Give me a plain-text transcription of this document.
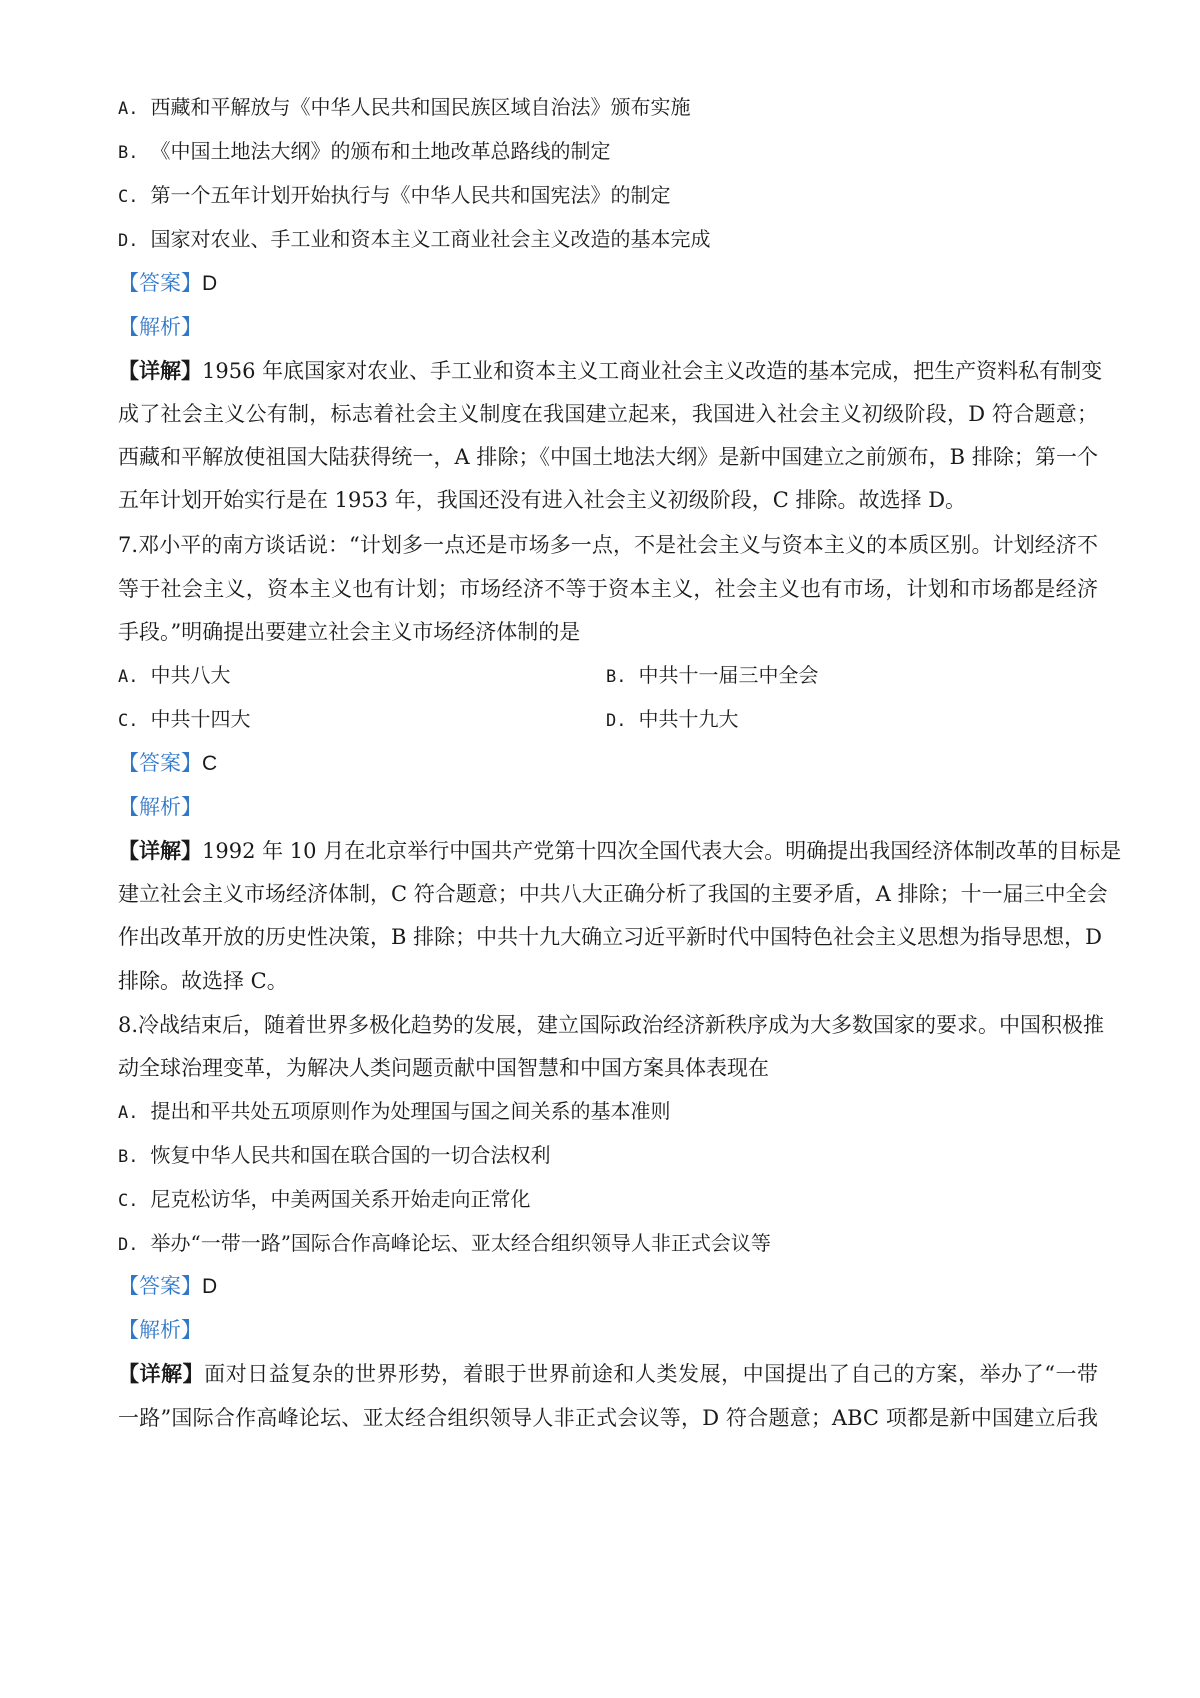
A. 西藏和平解放与《中华人民共和国民族区域自治法》颁布实施
B. 《中国土地法大纲》的颁布和土地改革总路线的制定
C. 第一个五年计划开始执行与《中华人民共和国宪法》的制定
D. 国家对农业、手工业和资本主义工商业社会主义改造的基本完成
【答案】D
【解析】
【详解】1956 年底国家对农业、手工业和资本主义工商业社会主义改造的基本完成，把生产资料私有制变
成了社会主义公有制，标志着社会主义制度在我国建立起来，我国进入社会主义初级阶段，D 符合题意；
西藏和平解放使祖国大陆获得统一，A 排除；《中国土地法大纲》是新中国建立之前颁布，B 排除；第一个
五年计划开始实行是在 1953 年，我国还没有进入社会主义初级阶段，C 排除。故选择 D。
7.邓小平的南方谈话说：“计划多一点还是市场多一点，不是社会主义与资本主义的本质区别。计划经济不
等于社会主义，资本主义也有计划；市场经济不等于资本主义，社会主义也有市场，计划和市场都是经济
手段。”明确提出要建立社会主义市场经济体制的是
A. 中共八大	B. 中共十一届三中全会
C. 中共十四大	D. 中共十九大
【答案】C
【解析】
【详解】1992 年 10 月在北京举行中国共产党第十四次全国代表大会。明确提出我国经济体制改革的目标是
建立社会主义市场经济体制，C 符合题意；中共八大正确分析了我国的主要矛盾，A 排除；十一届三中全会
作出改革开放的历史性决策，B 排除；中共十九大确立习近平新时代中国特色社会主义思想为指导思想，D
排除。故选择 C。
8.冷战结束后，随着世界多极化趋势的发展，建立国际政治经济新秩序成为大多数国家的要求。中国积极推
动全球治理变革，为解决人类问题贡献中国智慧和中国方案具体表现在
A. 提出和平共处五项原则作为处理国与国之间关系的基本准则
B. 恢复中华人民共和国在联合国的一切合法权利
C. 尼克松访华，中美两国关系开始走向正常化
D. 举办“一带一路”国际合作高峰论坛、亚太经合组织领导人非正式会议等
【答案】D
【解析】
【详解】面对日益复杂的世界形势，着眼于世界前途和人类发展，中国提出了自己的方案，举办了“一带
一路”国际合作高峰论坛、亚太经合组织领导人非正式会议等，D 符合题意；ABC 项都是新中国建立后我
